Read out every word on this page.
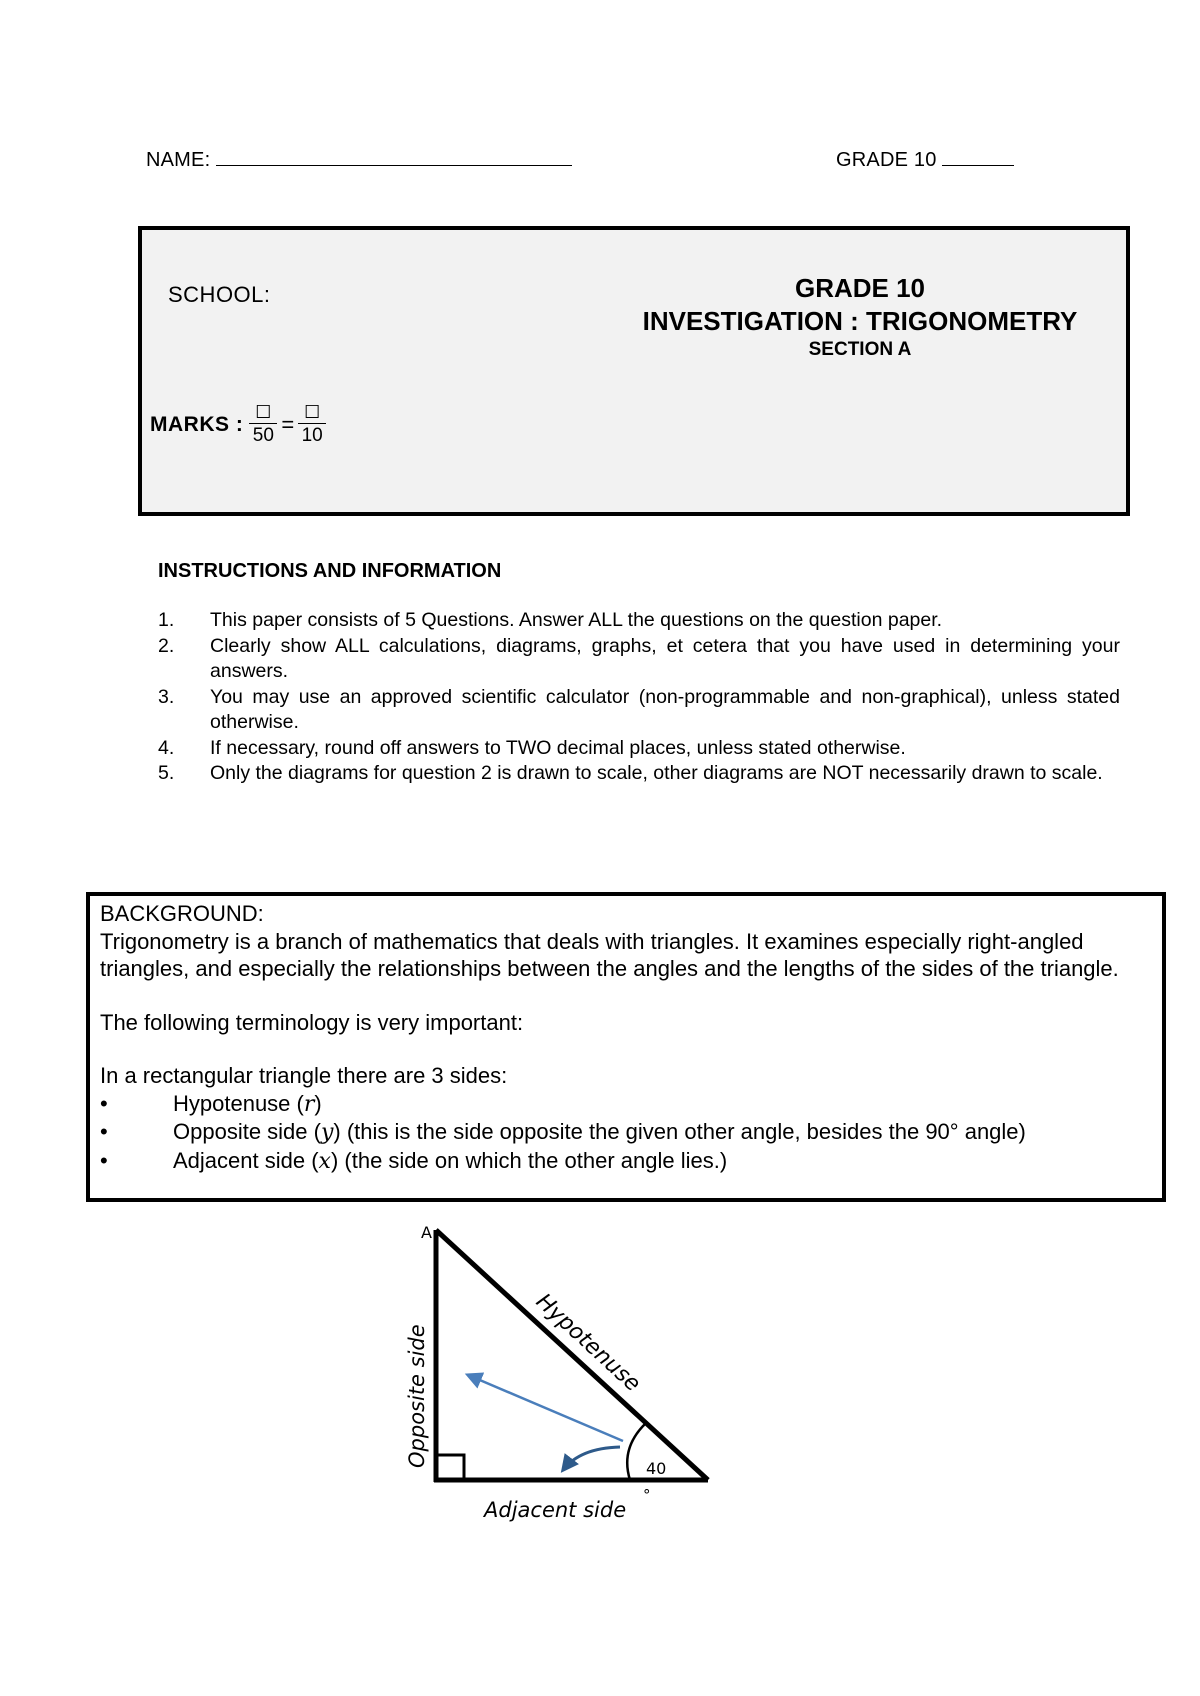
NAME:	GRADE 10
SCHOOL:	GRADE 10
INVESTIGATION : TRIGONOMETRY
SECTION A
MARKS : $\frac{☐}{50} = \frac{☐}{10}$
INSTRUCTIONS AND INFORMATION
1.	This paper consists of 5 Questions. Answer ALL the questions on the question paper.
2.	Clearly show ALL calculations, diagrams, graphs, et cetera that you have used in determining your answers.
3.	You may use an approved scientific calculator (non-programmable and non-graphical), unless stated otherwise.
4.	If necessary, round off answers to TWO decimal places, unless stated otherwise.
5.	Only the diagrams for question 2 is drawn to scale, other diagrams are NOT necessarily drawn to scale.

BACKGROUND:

Trigonometry is a branch of mathematics that deals with triangles. It examines especially right-angled triangles, and especially the relationships between the angles and the lengths of the sides of the triangle.

The following terminology is very important:

In a rectangular triangle there are 3 sides:

•	Hypotenuse (r)
•	Opposite side (y) (this is the side opposite the given other angle, besides the 90° angle)
•	Adjacent side (x) (the side on which the other angle lies.)
A
Hypotenuse
Opposite side
Adjacent side
40
°
